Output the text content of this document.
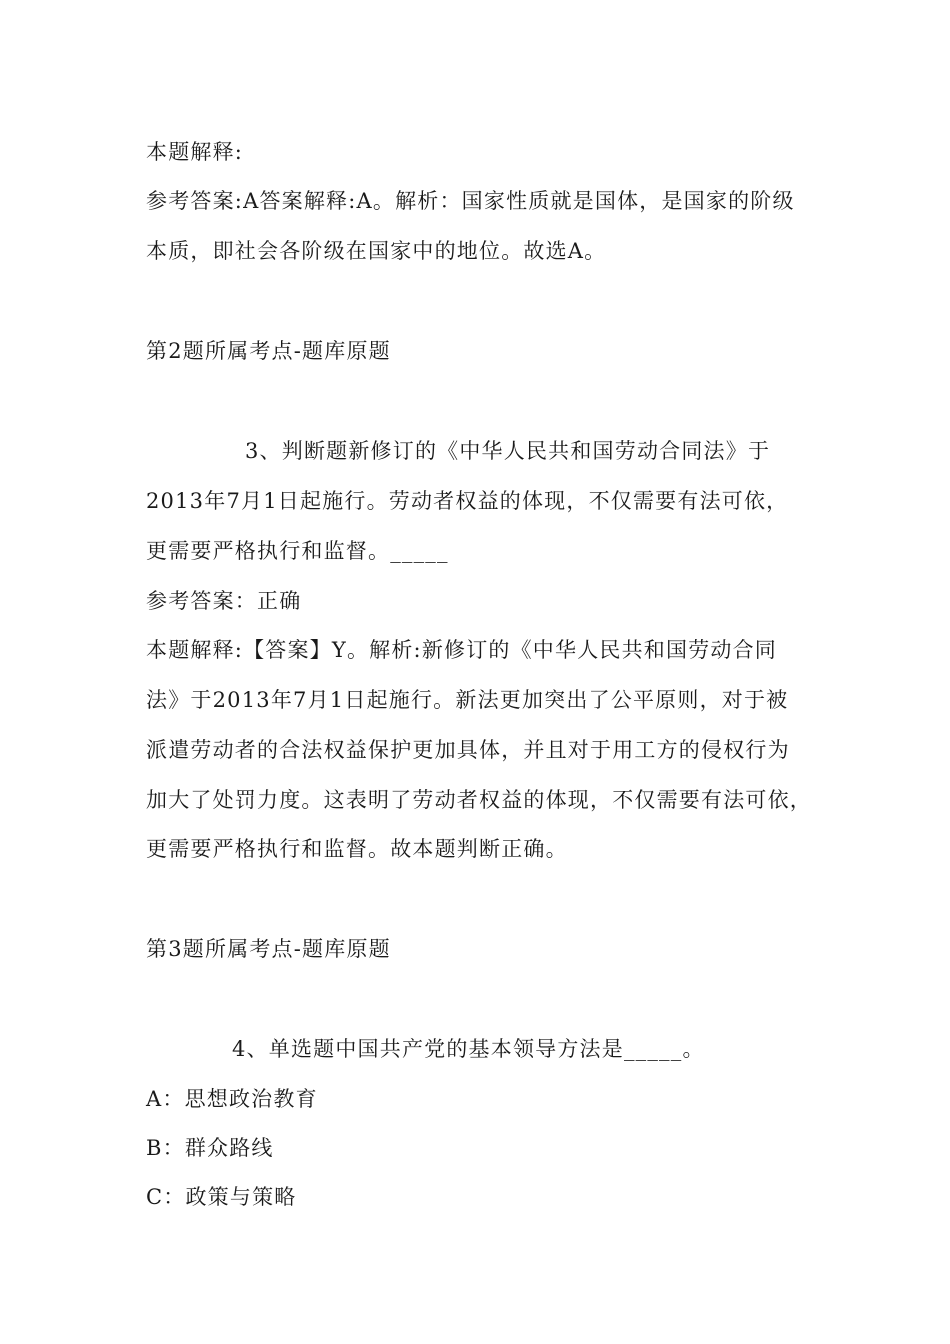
本题解释:
参考答案:A答案解释:A。解析：国家性质就是国体，是国家的阶级
本质，即社会各阶级在国家中的地位。故选A。
第2题所属考点-题库原题
3、判断题新修订的《中华人民共和国劳动合同法》于
2013年7月1日起施行。劳动者权益的体现，不仅需要有法可依，
更需要严格执行和监督。_____
参考答案：正确
本题解释:【答案】Y。解析:新修订的《中华人民共和国劳动合同
法》于2013年7月1日起施行。新法更加突出了公平原则，对于被
派遣劳动者的合法权益保护更加具体，并且对于用工方的侵权行为
加大了处罚力度。这表明了劳动者权益的体现，不仅需要有法可依，
更需要严格执行和监督。故本题判断正确。
第3题所属考点-题库原题
4、单选题中国共产党的基本领导方法是_____。
A：思想政治教育
B：群众路线
C：政策与策略
